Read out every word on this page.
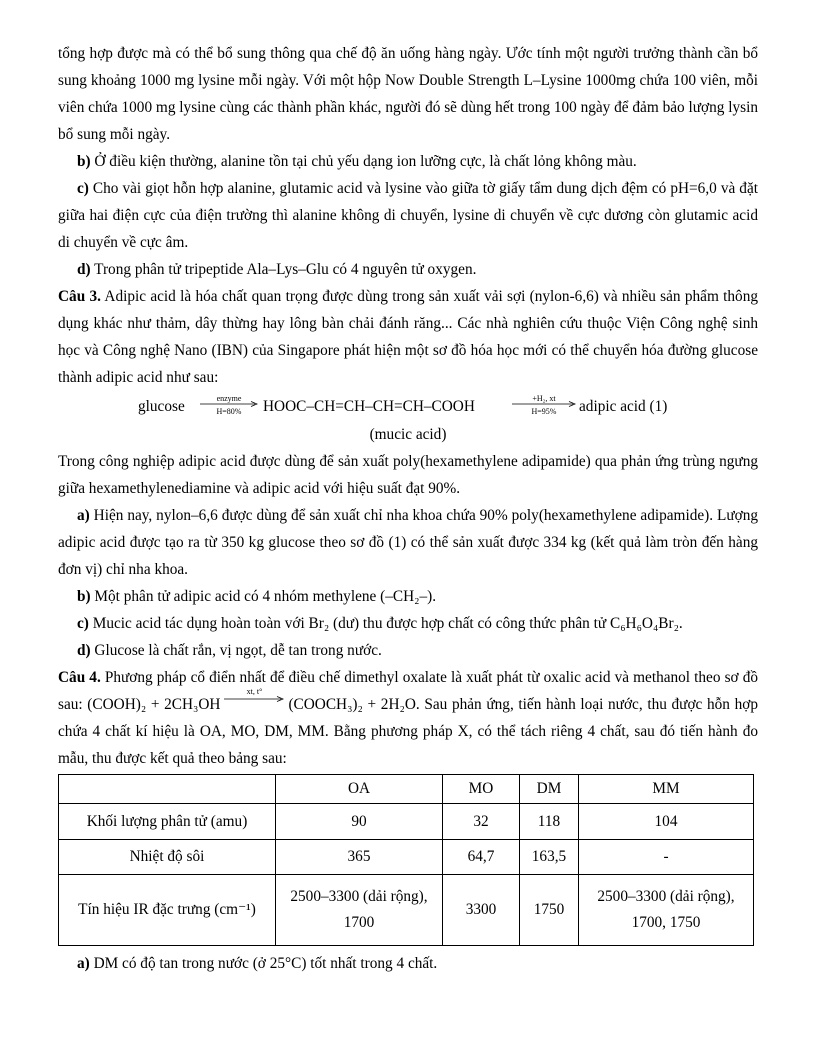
tổng hợp được mà có thể bổ sung thông qua chế độ ăn uống hàng ngày. Ước tính một người trưởng thành cần bổ sung khoảng 1000 mg lysine mỗi ngày. Với một hộp Now Double Strength L–Lysine 1000mg chứa 100 viên, mỗi viên chứa 1000 mg lysine cùng các thành phần khác, người đó sẽ dùng hết trong 100 ngày để đảm bảo lượng lysin bổ sung mỗi ngày.

b) Ở điều kiện thường, alanine tồn tại chủ yếu dạng ion lưỡng cực, là chất lỏng không màu.

c) Cho vài giọt hỗn hợp alanine, glutamic acid và lysine vào giữa tờ giấy tẩm dung dịch đệm có pH=6,0 và đặt giữa hai điện cực của điện trường thì alanine không di chuyển, lysine di chuyển về cực dương còn glutamic acid di chuyển về cực âm.

d) Trong phân tử tripeptide Ala–Lys–Glu có 4 nguyên tử oxygen.

Câu 3. Adipic acid là hóa chất quan trọng được dùng trong sản xuất vải sợi (nylon-6,6) và nhiều sản phẩm thông dụng khác như thảm, dây thừng hay lông bàn chải đánh răng... Các nhà nghiên cứu thuộc Viện Công nghệ sinh học và Công nghệ Nano (IBN) của Singapore phát hiện một sơ đồ hóa học mới có thể chuyển hóa đường glucose thành adipic acid như sau:

glucose	enzyme
H=80%	HOOC–CH=CH–CH=CH–COOH	+H₂, xt
H=95%	adipic acid (1)

(mucic acid)

Trong công nghiệp adipic acid được dùng để sản xuất poly(hexamethylene adipamide) qua phản ứng trùng ngưng giữa hexamethylenediamine và adipic acid với hiệu suất đạt 90%.

a) Hiện nay, nylon–6,6 được dùng để sản xuất chỉ nha khoa chứa 90% poly(hexamethylene adipamide). Lượng adipic acid được tạo ra từ 350 kg glucose theo sơ đồ (1) có thể sản xuất được 334 kg (kết quả làm tròn đến hàng đơn vị) chỉ nha khoa.

b) Một phân tử adipic acid có 4 nhóm methylene (–CH₂–).

c) Mucic acid tác dụng hoàn toàn với Br₂ (dư) thu được hợp chất có công thức phân tử C₆H₆O₄Br₂.

d) Glucose là chất rắn, vị ngọt, dễ tan trong nước.

Câu 4. Phương pháp cổ điển nhất để điều chế dimethyl oxalate là xuất phát từ oxalic acid và methanol theo sơ đồ sau: (COOH)₂ + 2CH₃OH
xt, t°
(COOCH₃)₂ + 2H₂O. Sau phản ứng, tiến hành loại nước, thu được hỗn hợp chứa 4 chất kí hiệu là OA, MO, DM, MM. Bằng phương pháp X, có thể tách riêng 4 chất, sau đó tiến hành đo mẫu, thu được kết quả theo bảng sau:

	OA	MO	DM	MM
Khối lượng phân tử (amu)	90	32	118	104
Nhiệt độ sôi	365	64,7	163,5	-
Tín hiệu IR đặc trưng (cm⁻¹)	2500–3300 (dải rộng), 1700	3300	1750	2500–3300 (dải rộng), 1700, 1750

a) DM có độ tan trong nước (ở 25°C) tốt nhất trong 4 chất.
